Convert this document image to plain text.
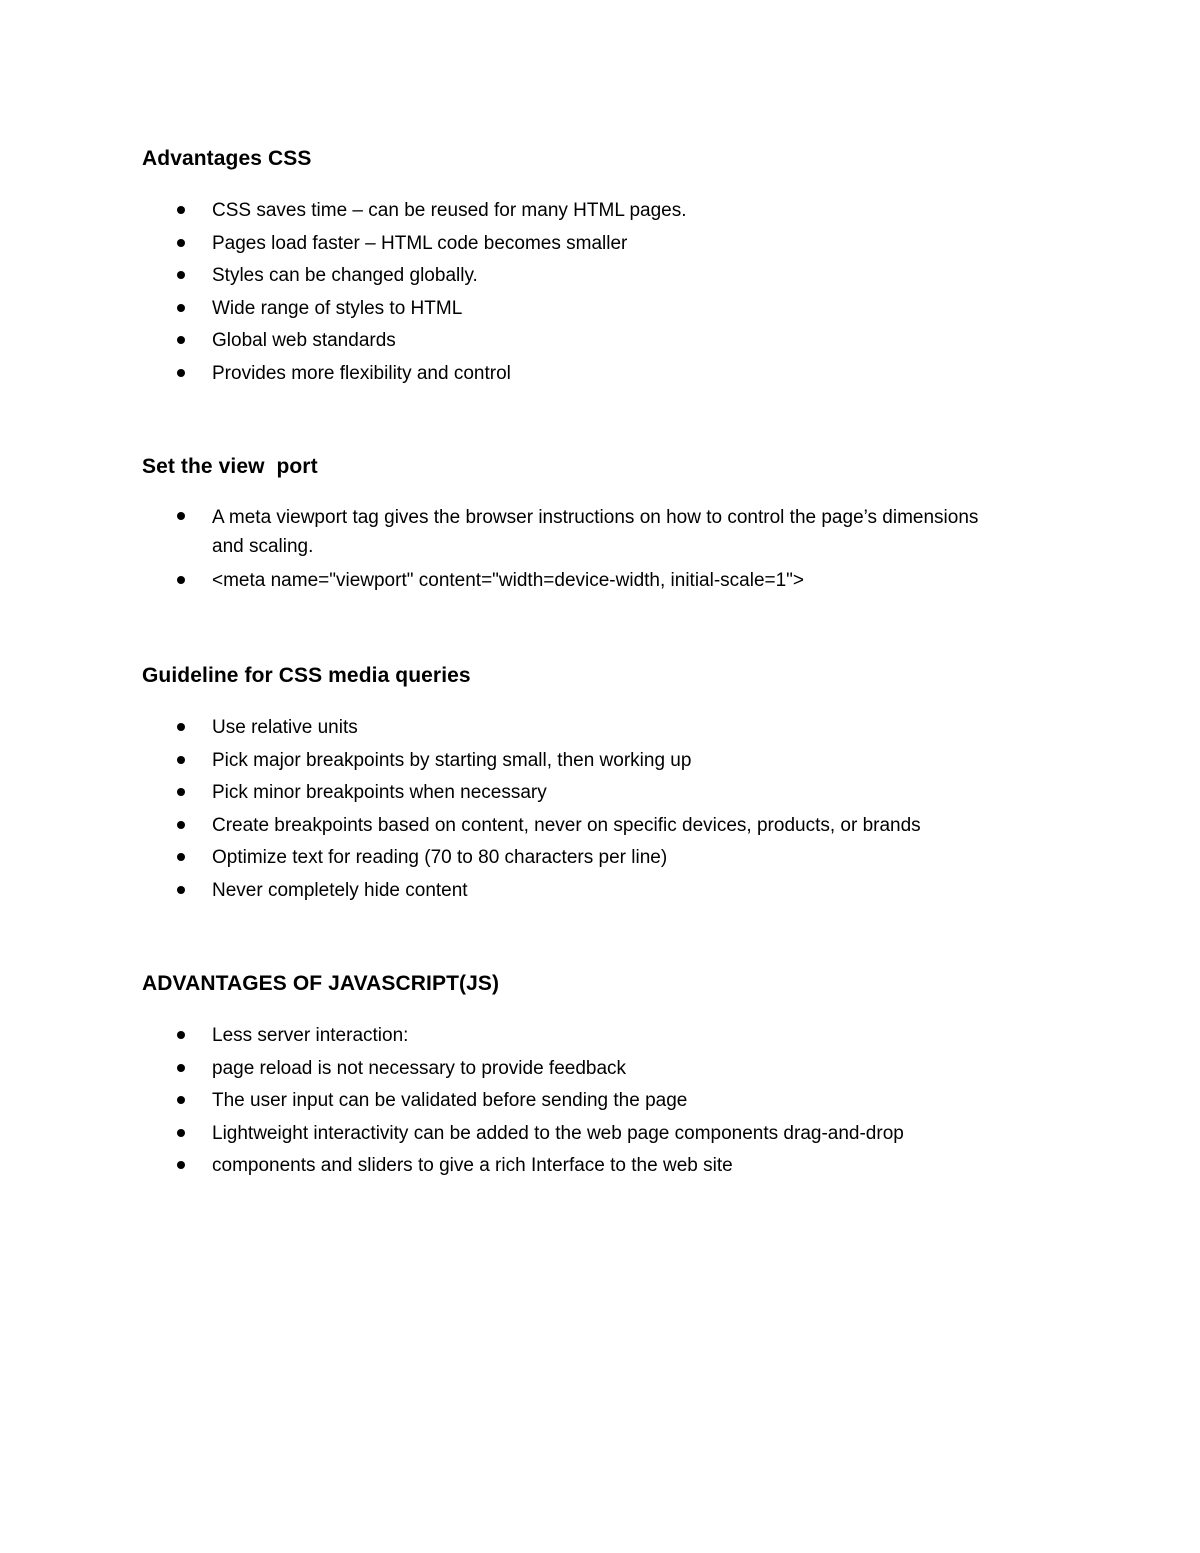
Advantages CSS
CSS saves time – can be reused for many HTML pages.
Pages load faster – HTML code becomes smaller
Styles can be changed globally.
Wide range of styles to HTML
Global web standards
Provides more flexibility and control
Set the view  port
A meta viewport tag gives the browser instructions on how to control the page’s dimensions and scaling.
<meta name="viewport" content="width=device-width, initial-scale=1">
Guideline for CSS media queries
Use relative units
Pick major breakpoints by starting small, then working up
Pick minor breakpoints when necessary
Create breakpoints based on content, never on specific devices, products, or brands
Optimize text for reading (70 to 80 characters per line)
Never completely hide content
ADVANTAGES OF JAVASCRIPT(JS)
Less server interaction:
page reload is not necessary to provide feedback
The user input can be validated before sending the page
Lightweight interactivity can be added to the web page components drag-and-drop
components and sliders to give a rich Interface to the web site
